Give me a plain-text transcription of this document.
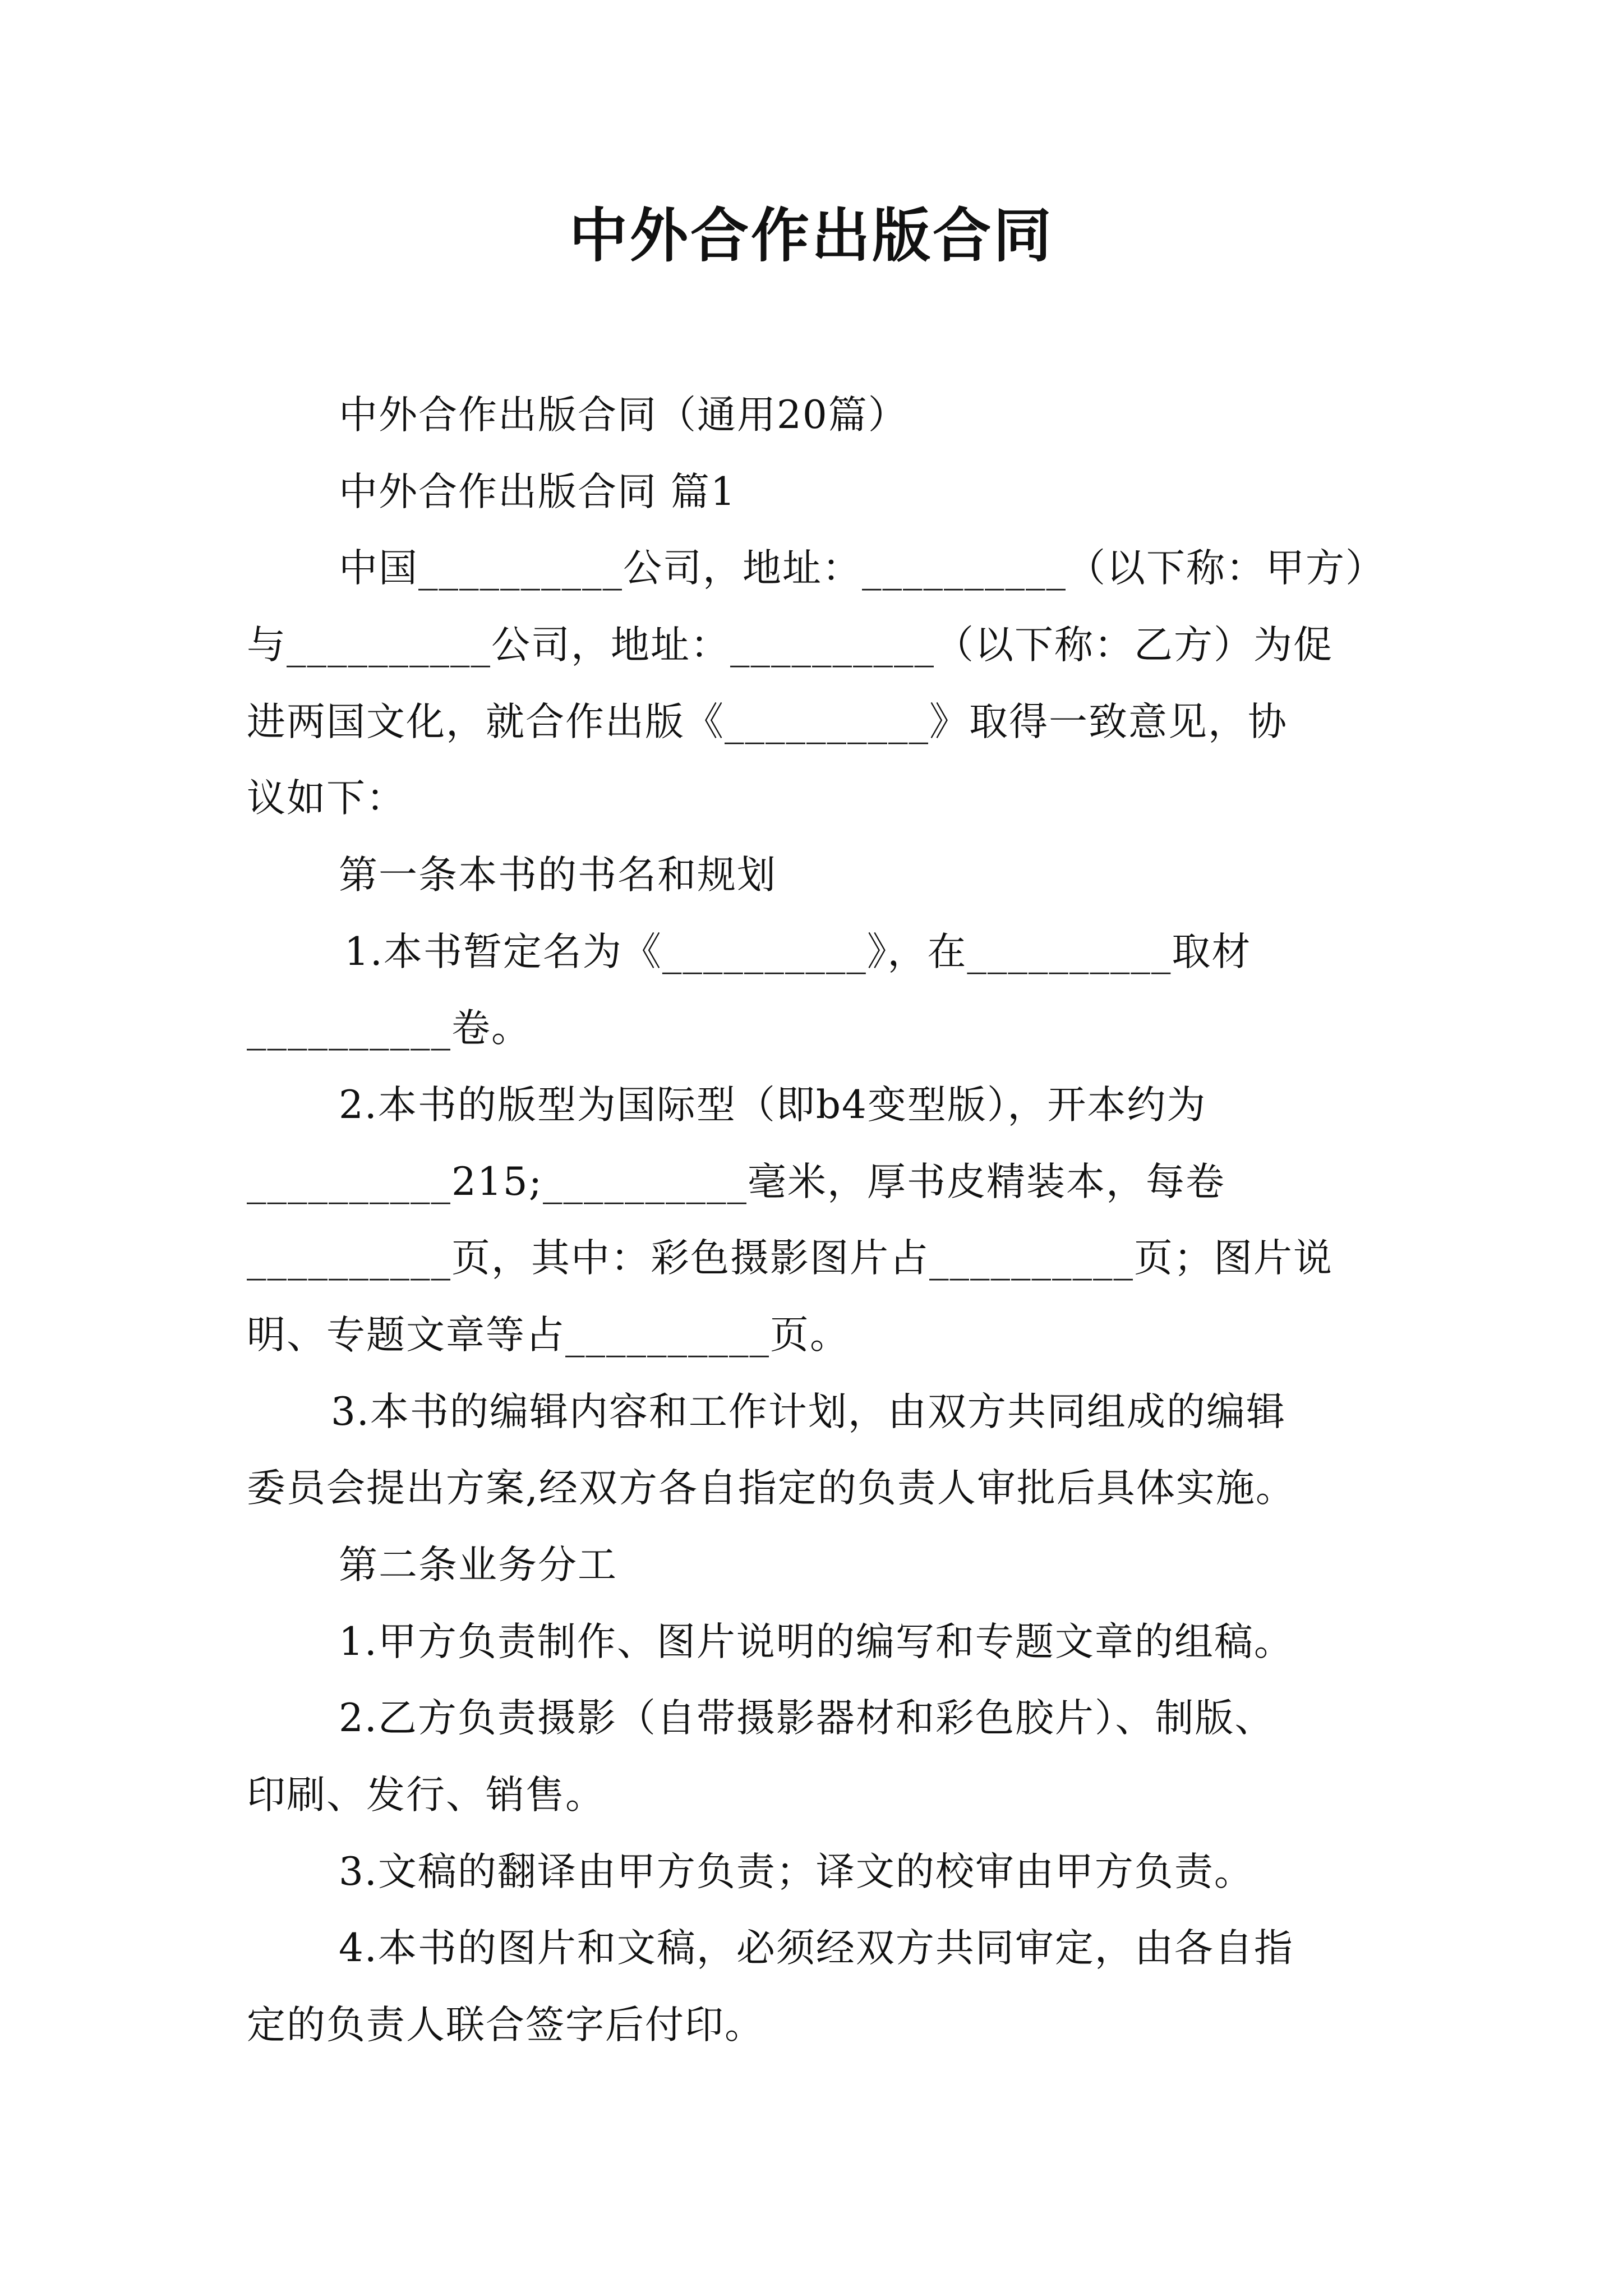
中外合作出版合同
中外合作出版合同（通用20篇）
中外合作出版合同 篇1
中国__________公司，地址：__________（以下称：甲方）
与__________公司，地址：__________（以下称：乙方）为促
进两国文化，就合作出版《__________》取得一致意见，协
议如下：
第一条本书的书名和规划
1.本书暂定名为《__________》，在__________取材
__________卷。
2.本书的版型为国际型（即b4变型版），开本约为
__________215;__________毫米，厚书皮精装本，每卷
__________页，其中：彩色摄影图片占__________页；图片说
明、专题文章等占__________页。
3.本书的编辑内容和工作计划，由双方共同组成的编辑
委员会提出方案,经双方各自指定的负责人审批后具体实施。
第二条业务分工
1.甲方负责制作、图片说明的编写和专题文章的组稿。
2.乙方负责摄影（自带摄影器材和彩色胶片）、制版、
印刷、发行、销售。
3.文稿的翻译由甲方负责；译文的校审由甲方负责。
4.本书的图片和文稿，必须经双方共同审定，由各自指
定的负责人联合签字后付印。
